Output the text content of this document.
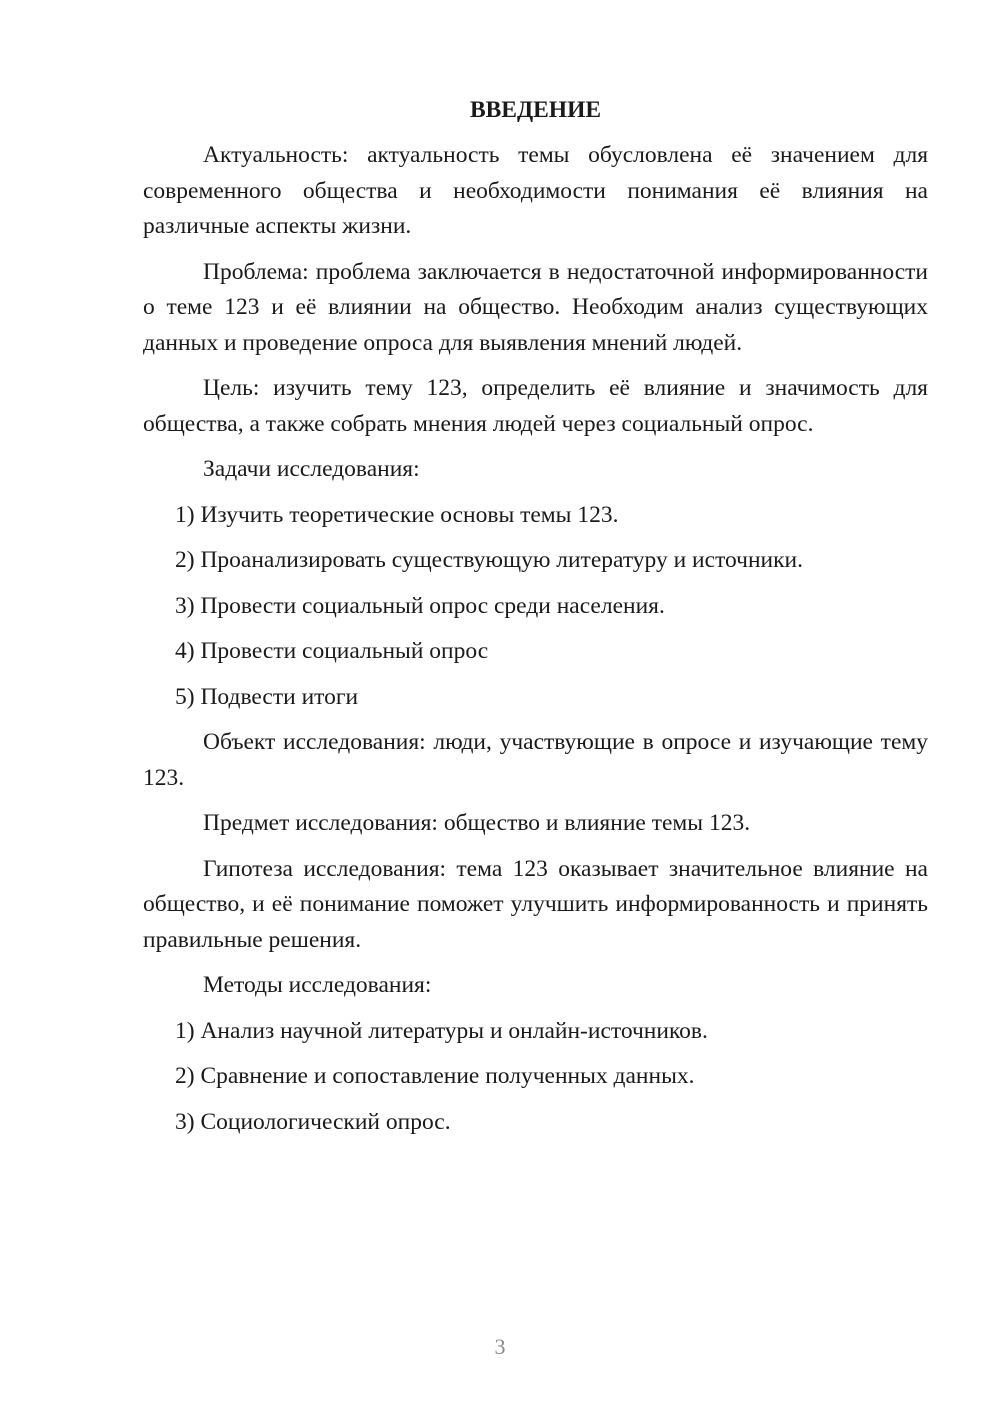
ВВЕДЕНИЕ

Актуальность: актуальность темы обусловлена её значением для современного общества и необходимости понимания её влияния на различные аспекты жизни.

Проблема: проблема заключается в недостаточной информированности о теме 123 и её влиянии на общество. Необходим анализ существующих данных и проведение опроса для выявления мнений людей.

Цель: изучить тему 123, определить её влияние и значимость для общества, а также собрать мнения людей через социальный опрос.

Задачи исследования:

1) Изучить теоретические основы темы 123.
2) Проанализировать существующую литературу и источники.
3) Провести социальный опрос среди населения.
4) Провести социальный опрос
5) Подвести итоги

Объект исследования: люди, участвующие в опросе и изучающие тему 123.

Предмет исследования: общество и влияние темы 123.

Гипотеза исследования: тема 123 оказывает значительное влияние на общество, и её понимание поможет улучшить информированность и принять правильные решения.

Методы исследования:

1) Анализ научной литературы и онлайн-источников.
2) Сравнение и сопоставление полученных данных.
3) Социологический опрос.
3
